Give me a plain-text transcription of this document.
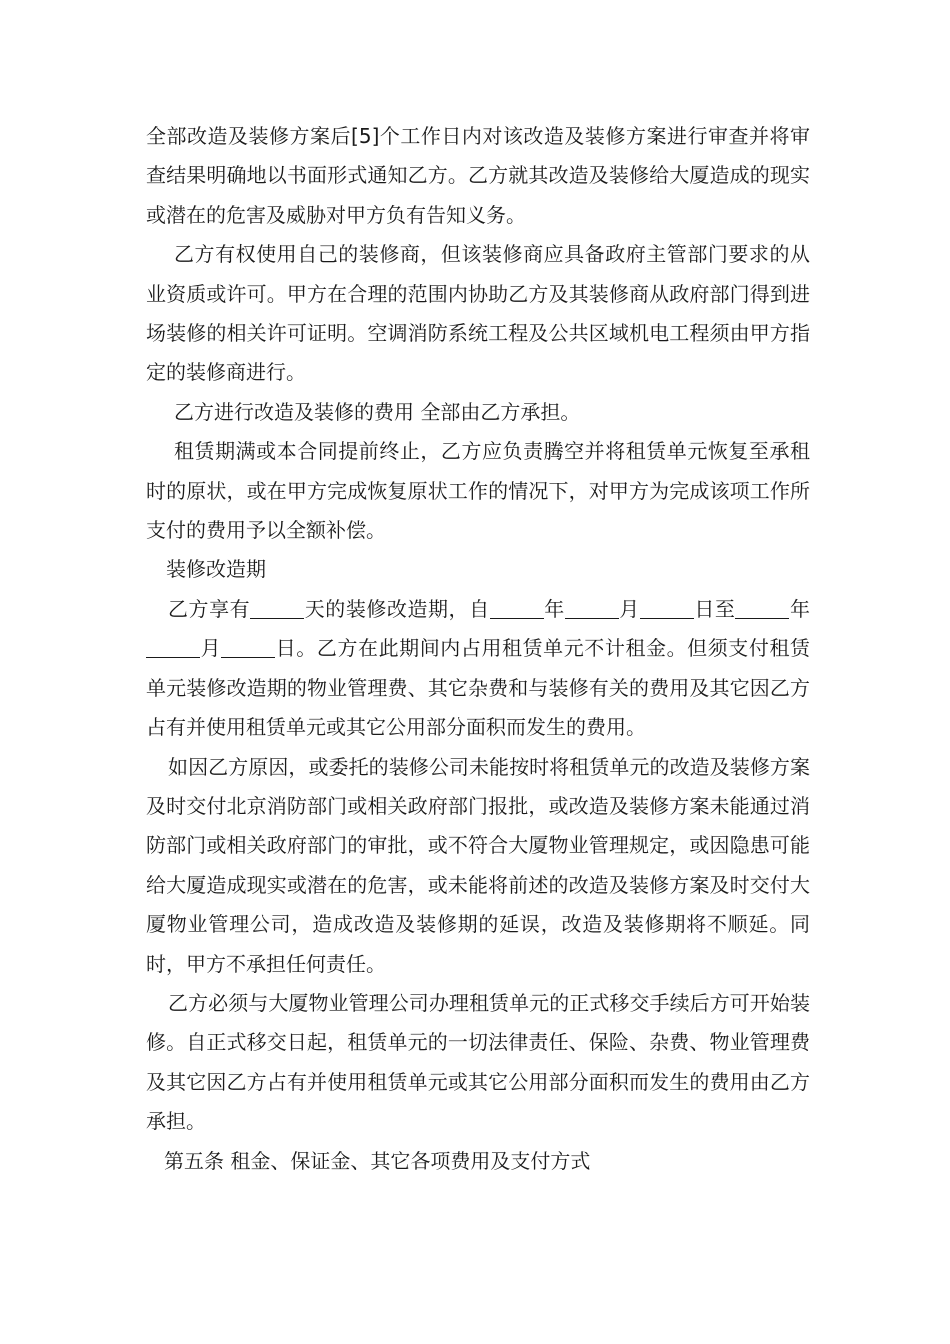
全部改造及装修方案后[5]个工作日内对该改造及装修方案进行审查并将审查结果明确地以书面形式通知乙方。乙方就其改造及装修给大厦造成的现实或潜在的危害及威胁对甲方负有告知义务。

乙方有权使用自己的装修商，但该装修商应具备政府主管部门要求的从业资质或许可。甲方在合理的范围内协助乙方及其装修商从政府部门得到进场装修的相关许可证明。空调消防系统工程及公共区域机电工程须由甲方指定的装修商进行。

乙方进行改造及装修的费用 全部由乙方承担。

租赁期满或本合同提前终止，乙方应负责腾空并将租赁单元恢复至承租时的原状，或在甲方完成恢复原状工作的情况下，对甲方为完成该项工作所支付的费用予以全额补偿。

装修改造期

乙方享有	天的装修改造期，自	年	月	日至	年月	日。乙方在此期间内占用租赁单元不计租金。但须支付租赁单元装修改造期的物业管理费、其它杂费和与装修有关的费用及其它因乙方占有并使用租赁单元或其它公用部分面积而发生的费用。

如因乙方原因，或委托的装修公司未能按时将租赁单元的改造及装修方案及时交付北京消防部门或相关政府部门报批，或改造及装修方案未能通过消防部门或相关政府部门的审批，或不符合大厦物业管理规定，或因隐患可能给大厦造成现实或潜在的危害，或未能将前述的改造及装修方案及时交付大厦物业管理公司，造成改造及装修期的延误，改造及装修期将不顺延。同时，甲方不承担任何责任。

乙方必须与大厦物业管理公司办理租赁单元的正式移交手续后方可开始装修。自正式移交日起，租赁单元的一切法律责任、保险、杂费、物业管理费及其它因乙方占有并使用租赁单元或其它公用部分面积而发生的费用由乙方承担。

第五条 租金、保证金、其它各项费用及支付方式
